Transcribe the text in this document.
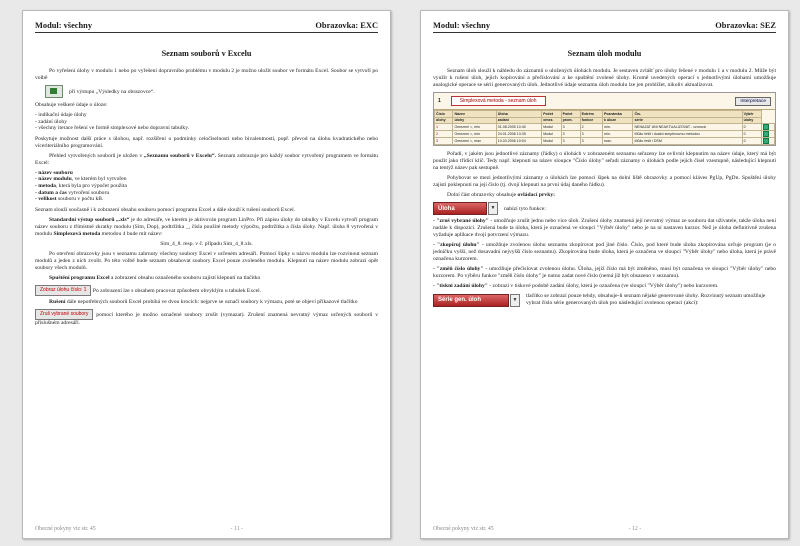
Modul: všechny	Obrazovka: EXC
Seznam souborů v Excelu

Po vyřešení úlohy v modulu 1 nebo po vyřešení dopravního problému v modulu 2 je možno uložit soubor ve formátu Excel. Soubor se vytvoří po volbě

při výstupu „Výsledky na obrazovce“.

Obsahuje veškeré údaje o úloze:

- indikační údaje úlohy
- zadání úlohy
- všechny iterace řešení ve formě simplexové nebo dopravní tabulky.

Poskytuje možnost další práce s úlohou, např. rozšíření o podmínky celočíselnosti nebo bivalentnosti, popř. převod na úlohu kvadratického nebo víceriteriálního programování.

Přehled vytvořených souborů je uložen v „Seznamu souborů v Excelu“. Seznam zobrazuje pro každý soubor vytvořený programem ve formátu Excel:

- název souboru
- název modulu, ve kterém byl vytvořen
- metoda, která byla pro výpočet použita
- datum a čas vytvoření souboru
- velikost souboru v počtu kB.

Seznam slouží současně i k zobrazení obsahu souboru pomocí programu Excel a dále slouží k rušení souborů Excel.

Standardní výstup souborů „.xls“ je do adresáře, ve kterém je aktivován program LinPro. Při zápisu úlohy do tabulky v Excelu vytvoří program název souboru z třímístné zkratky modulu (Sim, Dop), podtržítka _, čísla použité metody výpočtu, podtržítka a čísla úlohy. Např. úloha 8 vytvořená v modulu Simplexová metoda metodou 4 bude mít název:

Sim_4_8. resp. v č. případu Sim_4_8.xls.

Po otevření obrazovky jsou v seznamu zahrnuty všechny soubory Excel v určeném adresáři. Pomocí šipky u názvu modulu lze rozvinout seznam modulů a jeden z nich zvolit. Po této volbě bude seznam obsahovat soubory Excel pouze zvoleného modulu. Klepnutí na název modulu zobrazí opět soubory všech modulů.

Spuštění programu Excel a zobrazení obsahu označeného souboru zajistí klepnutí na tlačítko

Zobraz úlohu číslo: 1 Po zobrazení lze s obsahem pracovat způsobem obvyklým u tabulek Excel.

Rušení dále nepotřebných souborů Excel probíhá ve dvou krocích: nejprve se označí soubory k výmazu, poté se objeví příkazové tlačítko

Zruš vybrané soubory pomocí kterého je možno označené soubory zrušit (vymazat). Zrušení znamená nevratný výmaz určených souborů v příslušném adresáři.

Obecné pokyny viz str. 45	- 11 -
Modul: všechny	Obrazovka: SEZ
Seznam úloh modulu

Seznam úloh slouží k náhledu do záznamů o uložených úlohách modulu. Je sestaven zvlášť pro úlohy řešené v modulu 1 a v modulu 2. Může být využit k rušení úloh, jejich kopírování a přečíslování a ke spuštění zvolené úlohy. Kromě uvedených operací s jednotlivými úlohami umožňuje analogické operace se sérií generovaných úloh. Jednotlivé údaje seznamu úloh modulu lze jen prohlížet, nikoliv aktualizovat.

1	Simplexová metoda - seznam úloh	Interpretace
Číslo	Název	Úloha	Počet	Počet	Extrém	Poznámka	Čís.	Výběr	
úlohy	úlohy	zadání	omez.	prom.	funkce	k úloze	série	úlohy	
1	Omezení =, min	01.08.2005 10:40	Modul	3	2	min.	NENAZAT ANI NEAKTUALIZOVAT - vzorová	0	
2	Omezení =, min	24.01.2006 13:35	Modul	3	3	min.	Můžu řešit i dualní simplexovou metodou	0	
3	Omezení =, max	10.03.2006 10:04	Modul	3	3	max.	Můžu řešit i DSM	0	

Pořadí, v jakém jsou jednotlivé záznamy (řádky) o úlohách v zobrazeném seznamu seřazeny lze ovlivnit klepnutím na název údaje, který má být použit jako třídící klíč. Tedy např. klepnutí na název sloupce "Číslo úlohy" seřadí záznamy o úlohách podle jejich čísel vzestupně, následující klepnutí na tentýž název pak sestupně.

Pohybovat se mezi jednotlivými záznamy o úlohách lze pomocí šipek na dolní liště obrazovky a pomocí kláves PgUp, PgDn. Spuštění úlohy zajistí poklepnutí na její číslo (tj. dvojí klepnutí na první údaj daného řádku).

Dolní část obrazovky obsahuje ovládací prvky:

Úloha	▼	nabízí tyto funkce:

- "zruš vybrané úlohy" - umožňuje zrušit jednu nebo více úloh. Zrušení úlohy znamená její nevratný výmaz ze souboru dat uživatele, takže úloha není nadále k dispozici. Zrušená bude ta úloha, která je označená ve sloupci "Výběr úlohy" nebo je na ní nastaven kurzor. Než je úloha definitivně zrušena vyžaduje aplikace dvojí potvrzení výmazu.

- "zkopíruj úlohu" - umožňuje zvolenou úlohu seznamu zkopírovat pod jiné číslo. Číslo, pod které bude úloha zkopírována určuje program (je o jedničku vyšší, než dosavadní nejvyšší číslo seznamu). Zkopírována bude úloha, která je označena ve sloupci "Výběr úlohy" nebo úloha, která je právě označena kurzorem.

- "změň číslo úlohy" - umožňuje přečíslovat zvolenou úlohu. Úloha, jejíž číslo má být změněno, musí být označena ve sloupci "Výběr úlohy" nebo kurzorem. Po výběru funkce "změň číslo úlohy" je nutno zadat nové číslo (nemá již být obsazeno v seznamu).

- "tiskni zadání úlohy" - zobrazí v tiskové podobě zadání úlohy, která je označena (ve sloupci "Výběr úlohy") nebo kurzorem.

Série gen. úloh	▼
tlačítko se zobrazí pouze tehdy, obsahuje-li seznam nějaké generované úlohy. Rozvinutý seznam umožňuje vybrat číslo série generovaných úloh pro následující zvolenou operaci (akci):
Obecné pokyny viz str. 45	- 12 -
